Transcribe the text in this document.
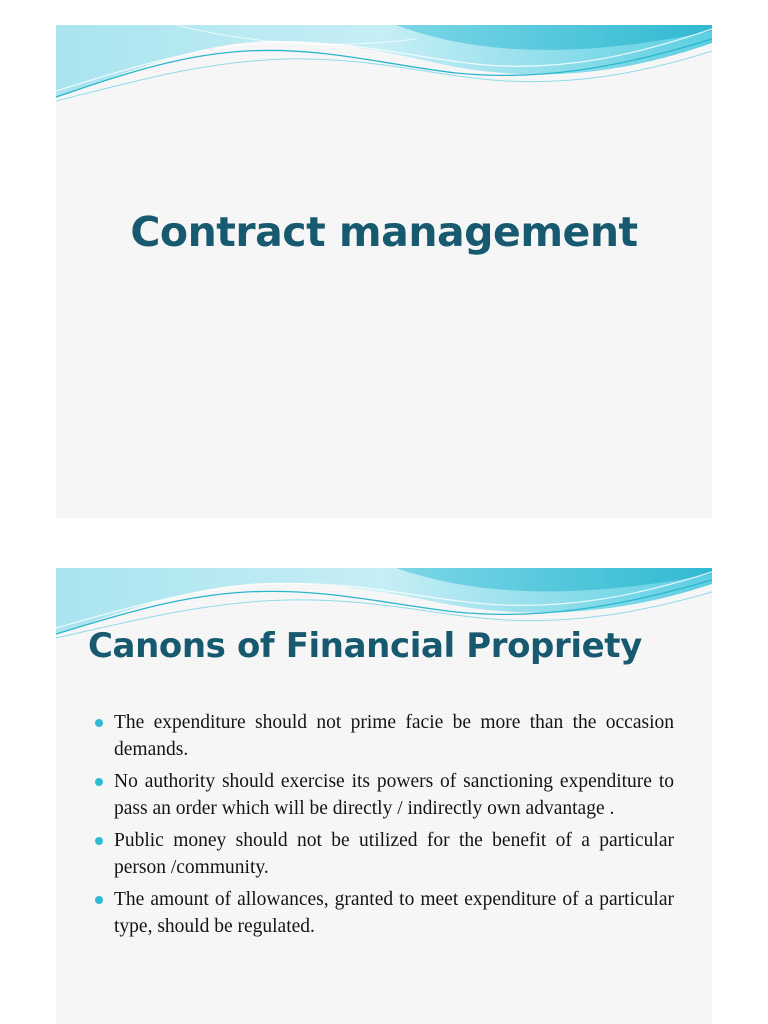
Contract management
Canons of Financial Propriety
The expenditure should not prime facie be more than the occasion demands.
No authority should exercise its powers of sanctioning expenditure to pass an order which will be directly / indirectly own advantage .
Public money should not be utilized for the benefit of a particular person /community.
The amount of allowances, granted to meet expenditure of a particular type, should be regulated.
